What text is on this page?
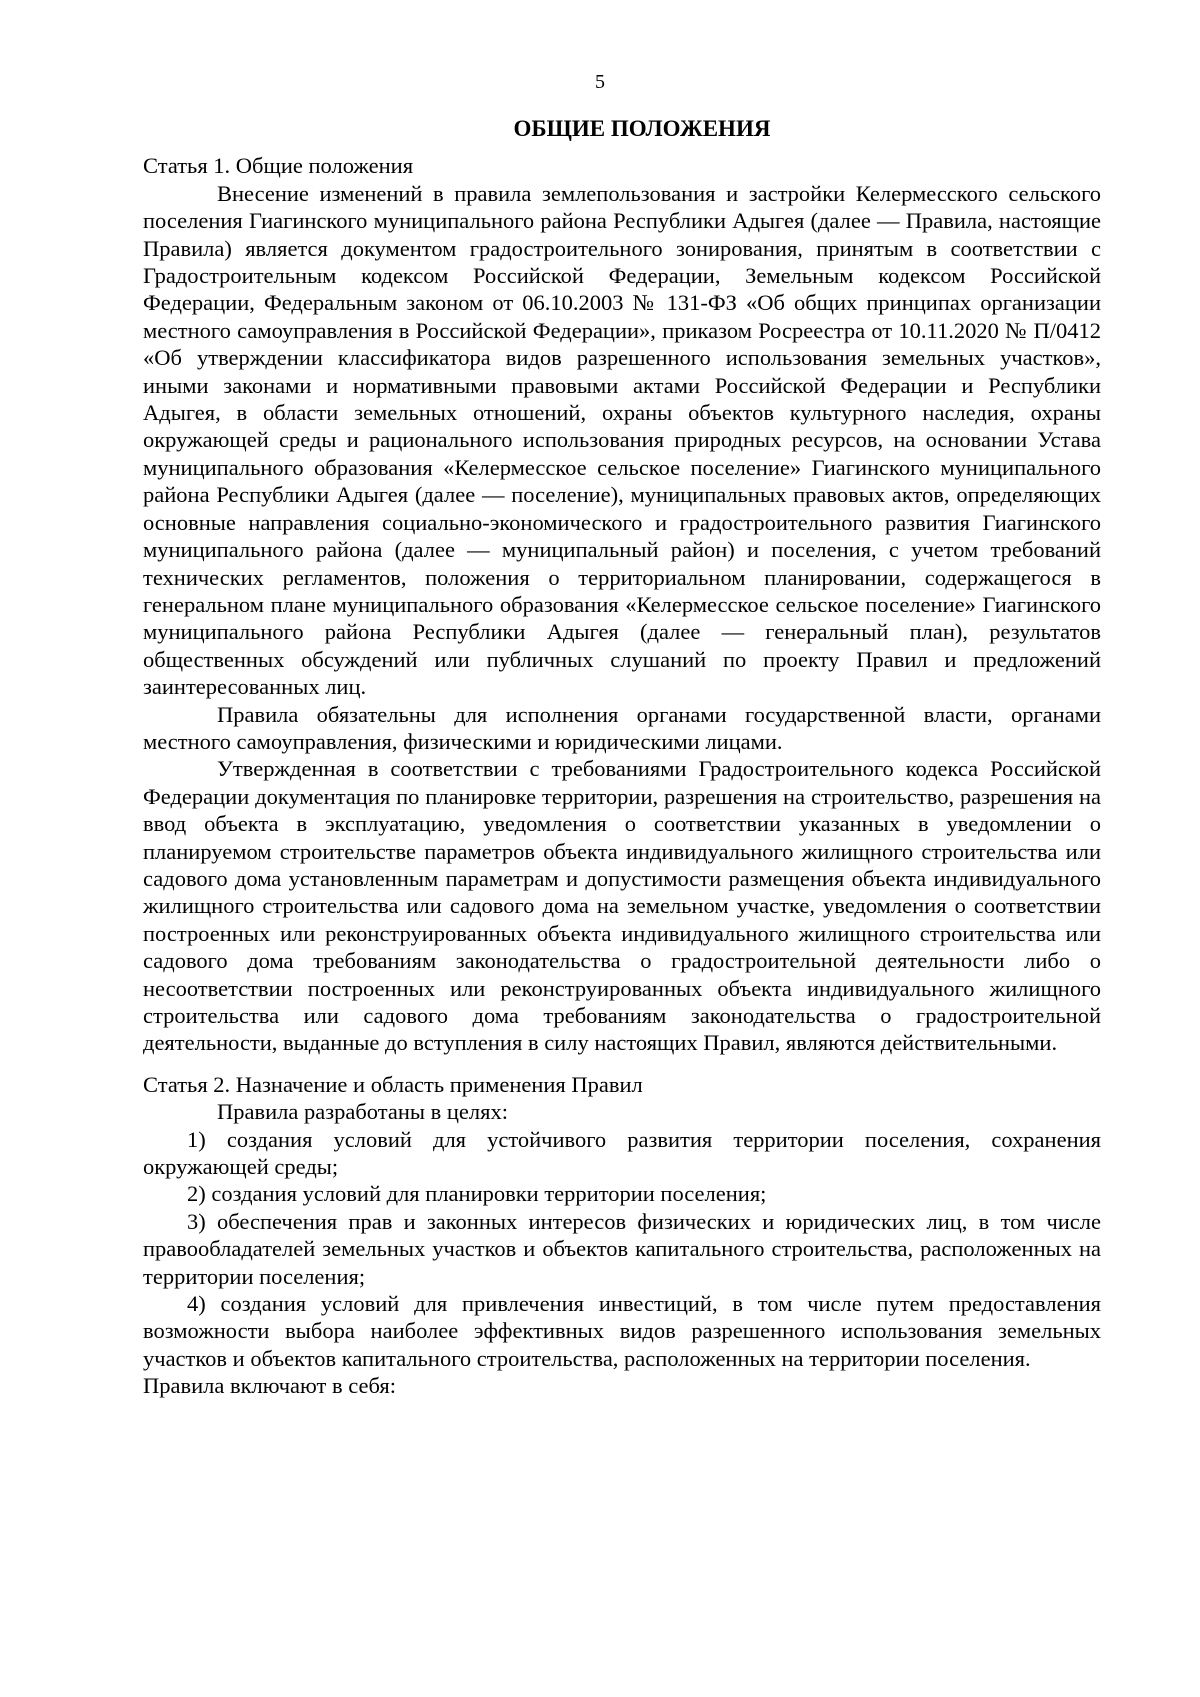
5

ОБЩИЕ ПОЛОЖЕНИЯ

Статья 1. Общие положения

Внесение изменений в правила землепользования и застройки Келермесского сельского поселения Гиагинского муниципального района Республики Адыгея (далее — Правила, настоящие Правила) является документом градостроительного зонирования, принятым в соответствии с Градостроительным кодексом Российской Федерации, Земельным кодексом Российской Федерации, Федеральным законом от 06.10.2003 № 131-ФЗ «Об общих принципах организации местного самоуправления в Российской Федерации», приказом Росреестра от 10.11.2020 № П/0412 «Об утверждении классификатора видов разрешенного использования земельных участков», иными законами и нормативными правовыми актами Российской Федерации и Республики Адыгея, в области земельных отношений, охраны объектов культурного наследия, охраны окружающей среды и рационального использования природных ресурсов, на основании Устава муниципального образования «Келермесское сельское поселение» Гиагинского муниципального района Республики Адыгея (далее — поселение), муниципальных правовых актов, определяющих основные направления социально-экономического и градостроительного развития Гиагинского муниципального района (далее — муниципальный район) и поселения, с учетом требований технических регламентов, положения о территориальном планировании, содержащегося в генеральном плане муниципального образования «Келермесское сельское поселение» Гиагинского муниципального района Республики Адыгея (далее — генеральный план), результатов общественных обсуждений или публичных слушаний по проекту Правил и предложений заинтересованных лиц.

Правила обязательны для исполнения органами государственной власти, органами местного самоуправления, физическими и юридическими лицами.

Утвержденная в соответствии с требованиями Градостроительного кодекса Российской Федерации документация по планировке территории, разрешения на строительство, разрешения на ввод объекта в эксплуатацию, уведомления о соответствии указанных в уведомлении о планируемом строительстве параметров объекта индивидуального жилищного строительства или садового дома установленным параметрам и допустимости размещения объекта индивидуального жилищного строительства или садового дома на земельном участке, уведомления о соответствии построенных или реконструированных объекта индивидуального жилищного строительства или садового дома требованиям законодательства о градостроительной деятельности либо о несоответствии построенных или реконструированных объекта индивидуального жилищного строительства или садового дома требованиям законодательства о градостроительной деятельности, выданные до вступления в силу настоящих Правил, являются действительными.

Статья 2. Назначение и область применения Правил

Правила разработаны в целях:

1) создания условий для устойчивого развития территории поселения, сохранения окружающей среды;

2) создания условий для планировки территории поселения;

3) обеспечения прав и законных интересов физических и юридических лиц, в том числе правообладателей земельных участков и объектов капитального строительства, расположенных на территории поселения;

4) создания условий для привлечения инвестиций, в том числе путем предоставления возможности выбора наиболее эффективных видов разрешенного использования земельных участков и объектов капитального строительства, расположенных на территории поселения.

Правила включают в себя:
